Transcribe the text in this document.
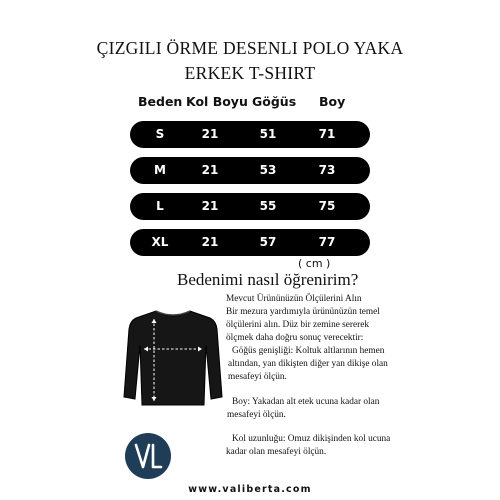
ÇIZGILI ÖRME DESENLI POLO YAKA
ERKEK T-SHIRT
Beden Kol Boyu Göğüs Boy
S	21	51	71
M	21	53	73
L	21	55	75
XL	21	57	77
( cm )
Bedenimi nasıl öğrenirim?
Mevcut Ürününüzün Ölçülerini Alın
Bir mezura yardımıyla ürününüzün temel
ölçülerini alın. Düz bir zemine sererek
ölçmek daha doğru sonuç verecektir:
Göğüs genişliği: Koltuk altlarının hemen
altından, yan dikişten diğer yan dikişe olan
mesafeyi ölçün.
Boy: Yakadan alt etek ucuna kadar olan
mesafeyi ölçün.
Kol uzunluğu: Omuz dikişinden kol ucuna
kadar olan mesafeyi ölçün.
www.valiberta.com
